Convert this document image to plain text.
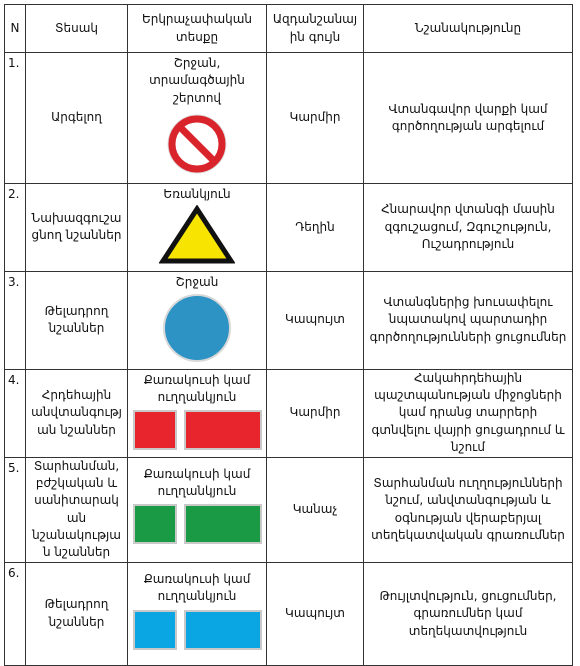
N	Տեսակ	Երկրաչափական տեսքը	Ազդանշանային գույն	Նշանակությունը
1.	Արգելող	Շրջան, տրամագծային շերտով	Կարմիր	Վտանգավոր վարքի կամ գործողության արգելում
2.	Նախազգուշացնող նշաններ	Եռանկյուն	Դեղին	Հնարավոր վտանգի մասին զգուշացում, Զգուշություն, Ուշադրություն
3.	Թելադրող նշաններ	Շրջան	Կապույտ	Վտանգներից խուսափելու նպատակով պարտադիր գործողությունների ցուցումներ
4.	Հրդեհային անվտանգության նշաններ	Քառակուսի կամ ուղղանկյուն	Կարմիր	Հակահրդեհային պաշտպանության միջոցների կամ դրանց տարրերի գտնվելու վայրի ցուցադրում և նշում
5.	Տարհանման, բժշկական և սանիտարական նշանակության նշաններ	Քառակուսի կամ ուղղանկյուն	Կանաչ	Տարհանման ուղղությունների նշում, անվտանգության և օգնության վերաբերյալ տեղեկատվական գրառումներ
6.	Թելադրող նշաններ	Քառակուսի կամ ուղղանկյուն	Կապույտ	Թույլտվություն, ցուցումներ, գրառումներ կամ տեղեկատվություն
